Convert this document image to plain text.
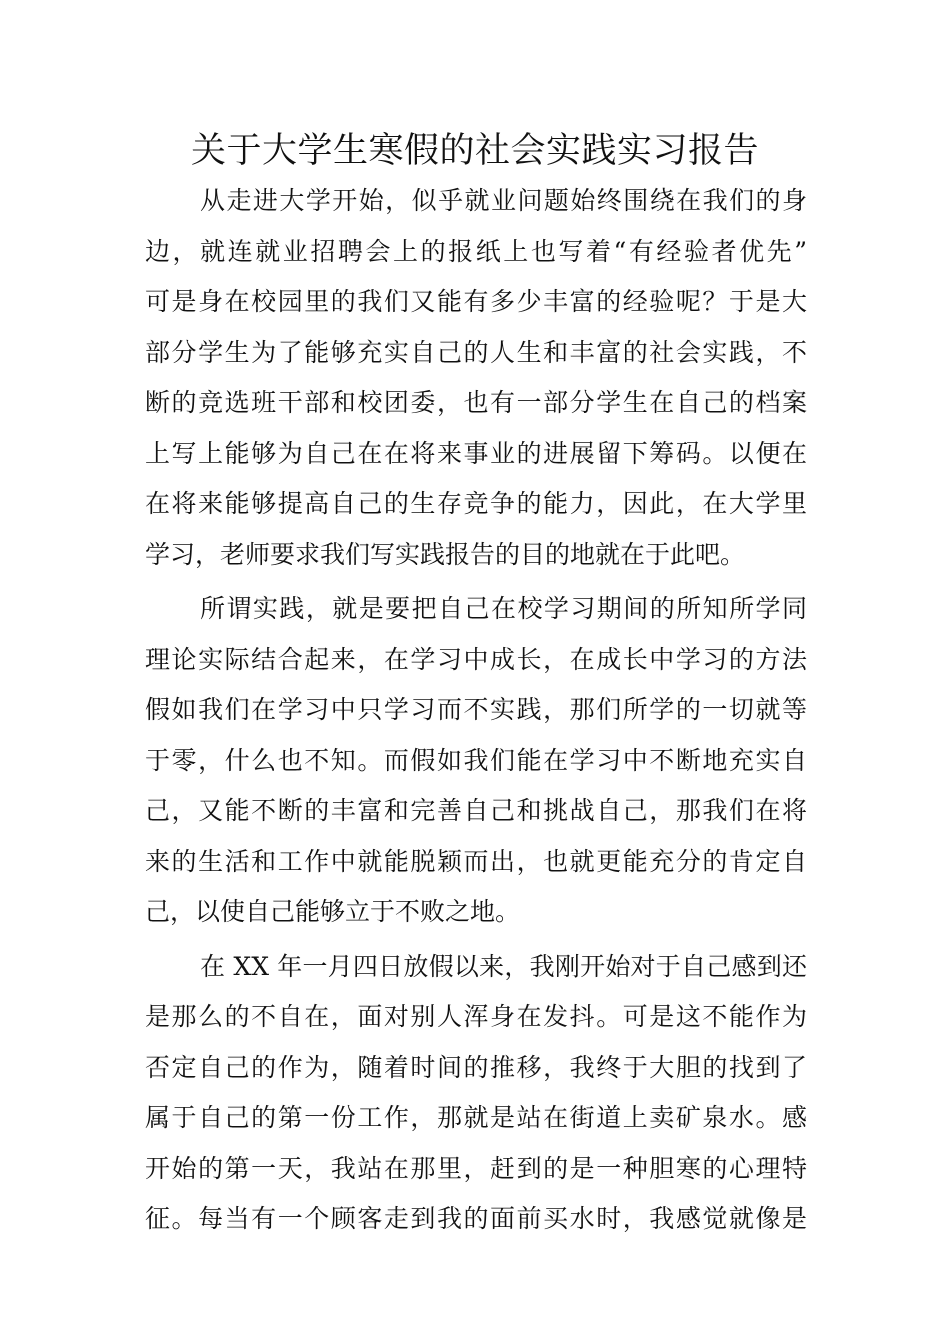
关于大学生寒假的社会实践实习报告
从走进大学开始，似乎就业问题始终围绕在我们的身
边，就连就业招聘会上的报纸上也写着“有经验者优先”
可是身在校园里的我们又能有多少丰富的经验呢？于是大
部分学生为了能够充实自己的人生和丰富的社会实践，不
断的竞选班干部和校团委，也有一部分学生在自己的档案
上写上能够为自己在在将来事业的进展留下筹码。以便在
在将来能够提高自己的生存竞争的能力，因此，在大学里
学习，老师要求我们写实践报告的目的地就在于此吧。
所谓实践，就是要把自己在校学习期间的所知所学同
理论实际结合起来，在学习中成长，在成长中学习的方法
假如我们在学习中只学习而不实践，那们所学的一切就等
于零，什么也不知。而假如我们能在学习中不断地充实自
己，又能不断的丰富和完善自己和挑战自己，那我们在将
来的生活和工作中就能脱颖而出，也就更能充分的肯定自
己，以使自己能够立于不败之地。
在 XX 年一月四日放假以来，我刚开始对于自己感到还
是那么的不自在，面对别人浑身在发抖。可是这不能作为
否定自己的作为，随着时间的推移，我终于大胆的找到了
属于自己的第一份工作，那就是站在街道上卖矿泉水。感
开始的第一天，我站在那里，赶到的是一种胆寒的心理特
征。每当有一个顾客走到我的面前买水时，我感觉就像是
